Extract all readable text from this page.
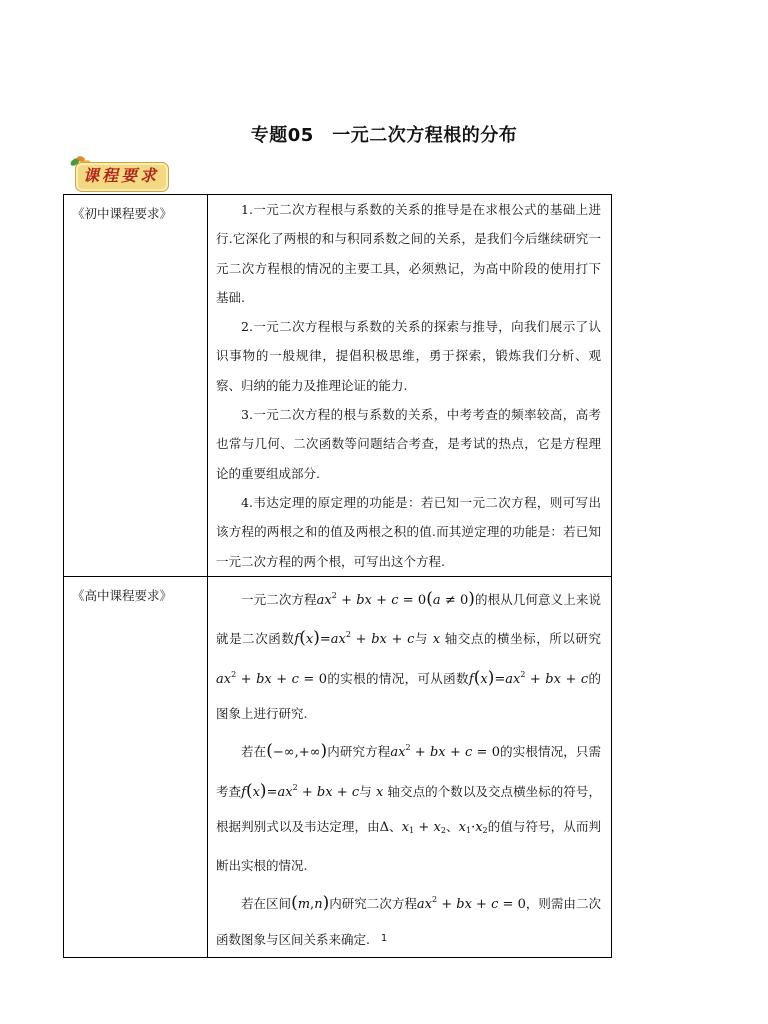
专题05　一元二次方程根的分布
课程要求
《初中课程要求》	1.一元二次方程根与系数的关系的推导是在求根公式的基础上进行.它深化了两根的和与积同系数之间的关系，是我们今后继续研究一元二次方程根的情况的主要工具，必须熟记，为高中阶段的使用打下基础.

2.一元二次方程根与系数的关系的探索与推导，向我们展示了认识事物的一般规律，提倡积极思维，勇于探索，锻炼我们分析、观察、归纳的能力及推理论证的能力.

3.一元二次方程的根与系数的关系，中考考查的频率较高，高考也常与几何、二次函数等问题结合考查，是考试的热点，它是方程理论的重要组成部分.

4.韦达定理的原定理的功能是：若已知一元二次方程，则可写出该方程的两根之和的值及两根之积的值.而其逆定理的功能是：若已知一元二次方程的两个根，可写出这个方程.

《高中课程要求》	一元二次方程$ax^2$ + bx + c = 0(a ≠ 0)的根从几何意义上来说就是二次函数$f(x)=ax^2$ + bx + c与 x 轴交点的横坐标，所以研究$ax^2$ + bx + c = 0的实根的情况，可从函数$f(x)=ax^2$ + bx + c的图象上进行研究.

若在(−∞,+∞)内研究方程$ax^2$ + bx + c = 0的实根情况，只需考查$f(x)=ax^2$ + bx + c与 x 轴交点的个数以及交点横坐标的符号，根据判别式以及韦达定理，由Δ、$x_1 + x_2$、$x_1\cdot x_2$的值与符号，从而判断出实根的情况.

若在区间(m,n)内研究二次方程$ax^2$ + bx + c = 0，则需由二次函数图象与区间关系来确定.	1
